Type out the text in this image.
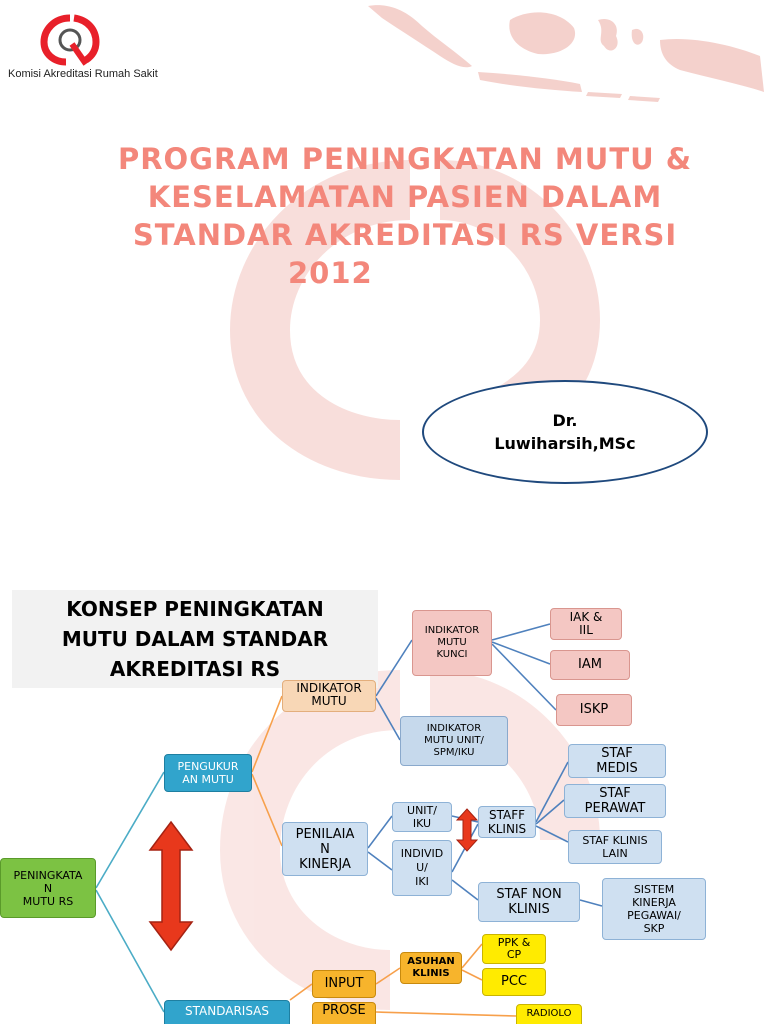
Komisi Akreditasi Rumah Sakit
PROGRAM PENINGKATAN MUTU &
KESELAMATAN PASIEN DALAM
STANDAR AKREDITASI RS VERSI
2012
Dr.
Luwiharsih,MSc
KONSEP PENINGKATAN
MUTU DALAM STANDAR
AKREDITASI RS
PENINGKATA
N
MUTU RS
PENGUKUR
AN MUTU
STANDARISAS
INDIKATOR
MUTU
PENILAIA
N
KINERJA
INDIKATOR
MUTU
KUNCI
INDIKATOR
MUTU UNIT/
SPM/IKU
IAK &
IIL
IAM
ISKP
UNIT/
IKU
INDIVID
U/
IKI
STAFF
KLINIS
STAF
MEDIS
STAF
PERAWAT
STAF KLINIS
LAIN
STAF NON
KLINIS
SISTEM
KINERJA
PEGAWAI/
SKP
INPUT
PROSE
ASUHAN
KLINIS
PPK &
CP
PCC
RADIOLO
